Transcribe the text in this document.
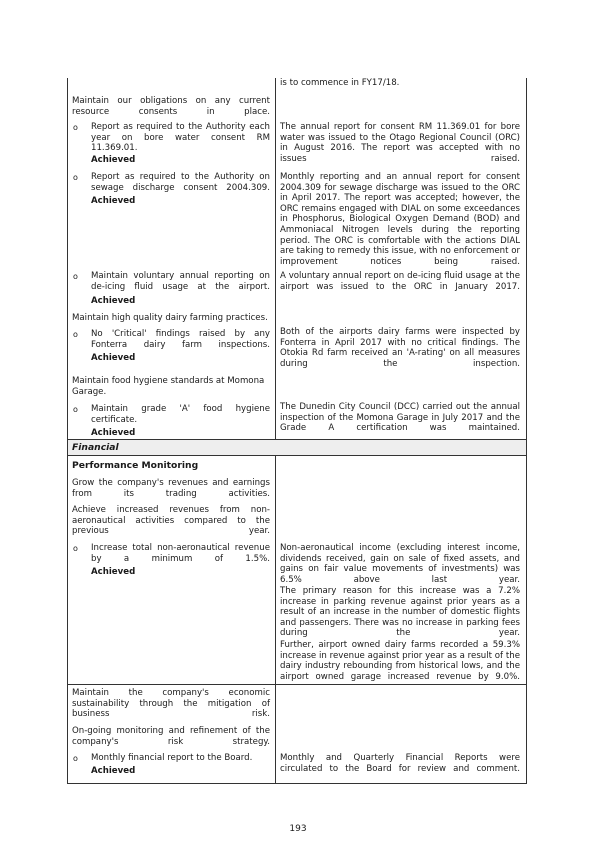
is to commence in FY17/18.

Maintain our obligations on any current resource consents in place.

o Report as required to the Authority each year on bore water consent RM 11.369.01.

Achieved

The annual report for consent RM 11.369.01 for bore water was issued to the Otago Regional Council (ORC) in August 2016. The report was accepted with no issues raised.

o Report as required to the Authority on sewage discharge consent 2004.309.

Achieved

Monthly reporting and an annual report for consent 2004.309 for sewage discharge was issued to the ORC in April 2017. The report was accepted; however, the ORC remains engaged with DIAL on some exceedances in Phosphorus, Biological Oxygen Demand (BOD) and Ammoniacal Nitrogen levels during the reporting period. The ORC is comfortable with the actions DIAL are taking to remedy this issue, with no enforcement or improvement notices being raised.

o Maintain voluntary annual reporting on de-icing fluid usage at the airport.

Achieved

A voluntary annual report on de-icing fluid usage at the airport was issued to the ORC in January 2017.

Maintain high quality dairy farming practices.

o No 'Critical' findings raised by any Fonterra dairy farm inspections.

Achieved

Both of the airports dairy farms were inspected by Fonterra in April 2017 with no critical findings. The Otokia Rd farm received an 'A-rating' on all measures during the inspection.

Maintain food hygiene standards at Momona Garage.

o Maintain grade 'A' food hygiene certificate.

Achieved

The Dunedin City Council (DCC) carried out the annual inspection of the Momona Garage in July 2017 and the Grade A certification was maintained.

Financial

Performance Monitoring

Grow the company's revenues and earnings from its trading activities.

Achieve increased revenues from non-aeronautical activities compared to the previous year.

o Increase total non-aeronautical revenue by a minimum of 1.5%.

Achieved

Non-aeronautical income (excluding interest income, dividends received, gain on sale of fixed assets, and gains on fair value movements of investments) was 6.5% above last year.

The primary reason for this increase was a 7.2% increase in parking revenue against prior years as a result of an increase in the number of domestic flights and passengers. There was no increase in parking fees during the year.

Further, airport owned dairy farms recorded a 59.3% increase in revenue against prior year as a result of the dairy industry rebounding from historical lows, and the airport owned garage increased revenue by 9.0%.

Maintain the company's economic sustainability through the mitigation of business risk.

On-going monitoring and refinement of the company's risk strategy.

o Monthly financial report to the Board.

Achieved

Monthly and Quarterly Financial Reports were circulated to the Board for review and comment.

193
